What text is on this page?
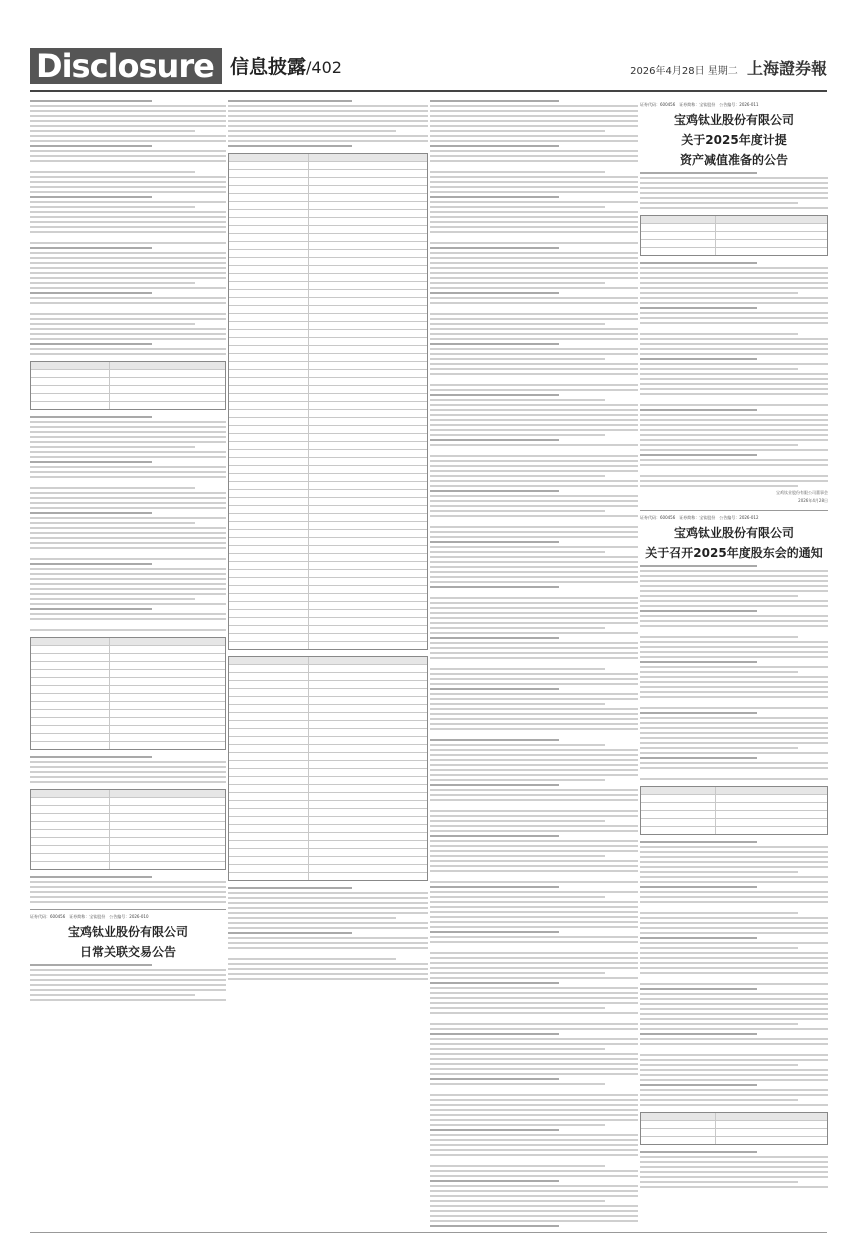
Disclosure 信息披露/402	2026年4月28日 星期二 上海證券報
证券代码：600456　证券简称：宝钛股份　公告编号：2026-010
宝鸡钛业股份有限公司
日常关联交易公告
证券代码：600456　证券简称：宝钛股份　公告编号：2026-011
宝鸡钛业股份有限公司
关于2025年度计提
资产减值准备的公告
宝鸡钛业股份有限公司董事会
2026年4月28日
证券代码：600456　证券简称：宝钛股份　公告编号：2026-012
宝鸡钛业股份有限公司
关于召开2025年度股东会的通知
